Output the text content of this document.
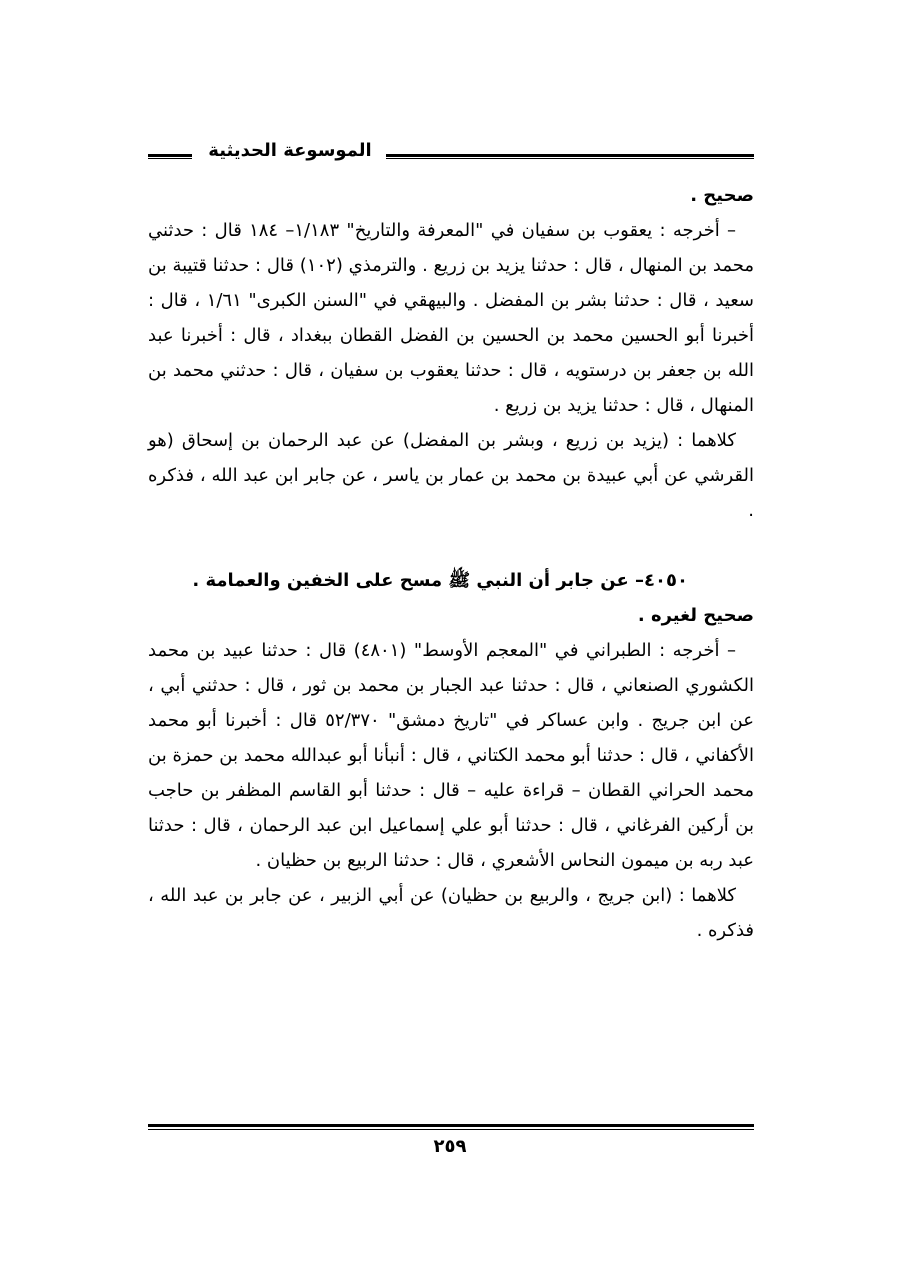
الموسوعة الحديثية

صحيح .

– أخرجه : يعقوب بن سفيان في "المعرفة والتاريخ" ١/١٨٣– ١٨٤ قال : حدثني محمد بن المنهال ، قال : حدثنا يزيد بن زريع . والترمذي (١٠٢) قال : حدثنا قتيبة بن سعيد ، قال : حدثنا بشر بن المفضل . والبيهقي في "السنن الكبرى" ١/٦١ ، قال : أخبرنا أبو الحسين محمد بن الحسين بن الفضل القطان ببغداد ، قال : أخبرنا عبد الله بن جعفر بن درستويه ، قال : حدثنا يعقوب بن سفيان ، قال : حدثني محمد بن المنهال ، قال : حدثنا يزيد بن زريع .

كلاهما : (يزيد بن زريع ، وبشر بن المفضل) عن عبد الرحمان بن إسحاق (هو القرشي عن أبي عبيدة بن محمد بن عمار بن ياسر ، عن جابر ابن عبد الله ، فذكره .

٤٠٥٠– عن جابر أن النبي ﷺ مسح على الخفين والعمامة .

صحيح لغيره .

– أخرجه : الطبراني في "المعجم الأوسط" (٤٨٠١) قال : حدثنا عبيد بن محمد الكشوري الصنعاني ، قال : حدثنا عبد الجبار بن محمد بن ثور ، قال : حدثني أبي ، عن ابن جريج . وابن عساكر في "تاريخ دمشق" ٥٢/٣٧٠ قال : أخبرنا أبو محمد الأكفاني ، قال : حدثنا أبو محمد الكتاني ، قال : أنبأنا أبو عبدالله محمد بن حمزة بن محمد الحراني القطان – قراءة عليه – قال : حدثنا أبو القاسم المظفر بن حاجب بن أركين الفرغاني ، قال : حدثنا أبو علي إسماعيل ابن عبد الرحمان ، قال : حدثنا عبد ربه بن ميمون النحاس الأشعري ، قال : حدثنا الربيع بن حظيان .

كلاهما : (ابن جريج ، والربيع بن حظيان) عن أبي الزبير ، عن جابر بن عبد الله ، فذكره .

٢٥٩
